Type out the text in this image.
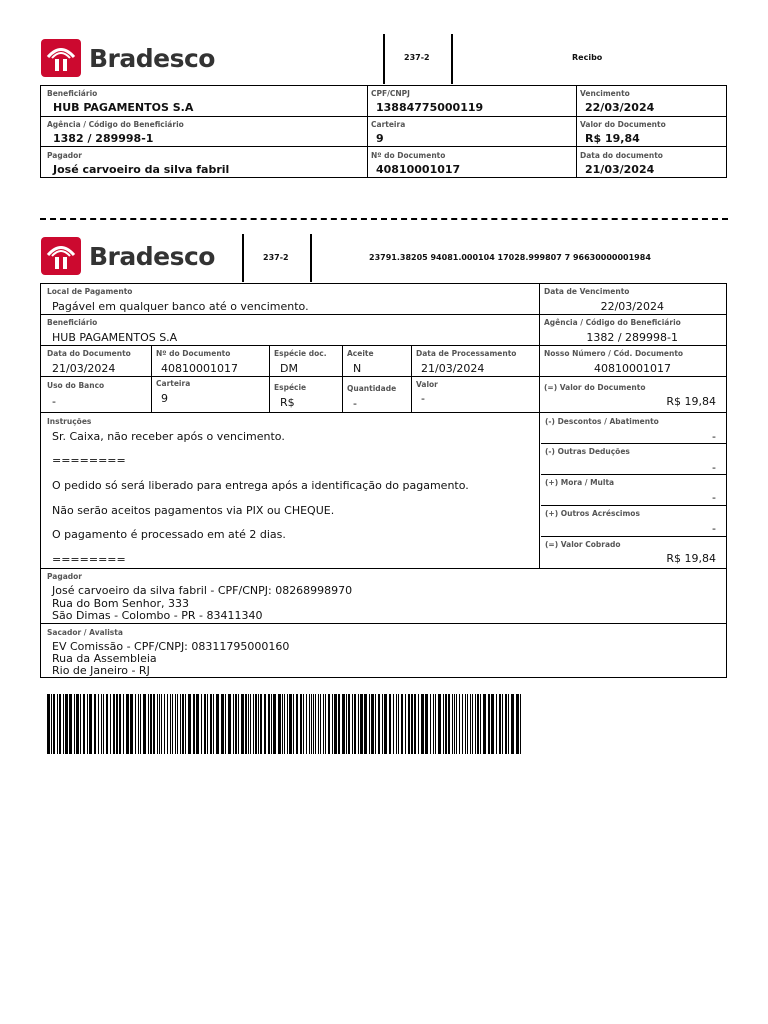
Bradesco	237-2	Recibo
Beneficiário
HUB PAGAMENTOS S.A
CPF/CNPJ
13884775000119
Vencimento
22/03/2024
Agência / Código do Beneficiário
1382 / 289998-1
Carteira
9
Valor do Documento
R$ 19,84
Pagador
José carvoeiro da silva fabril
Nº do Documento
40810001017
Data do documento
21/03/2024
Bradesco	237-2	23791.38205 94081.000104 17028.999807 7 96630000001984
Local de Pagamento
Pagável em qualquer banco até o vencimento.
Data de Vencimento
22/03/2024
Beneficiário
HUB PAGAMENTOS S.A
Agência / Código do Beneficiário
1382 / 289998-1
Data do Documento
21/03/2024
Nº do Documento
40810001017
Espécie doc.
DM
Aceite
N
Data de Processamento
21/03/2024
Nosso Número / Cód. Documento
40810001017
Uso do Banco
-
Carteira
9
Espécie
R$
Quantidade
-
Valor
-
(=) Valor do Documento
R$ 19,84
Instruções
Sr. Caixa, não receber após o vencimento.
========
O pedido só será liberado para entrega após a identificação do pagamento.
Não serão aceitos pagamentos via PIX ou CHEQUE.
O pagamento é processado em até 2 dias.
========
(-) Descontos / Abatimento
-
(-) Outras Deduções
-
(+) Mora / Multa
-
(+) Outros Acréscimos
-
(=) Valor Cobrado
R$ 19,84
Pagador
José carvoeiro da silva fabril - CPF/CNPJ: 08268998970
Rua do Bom Senhor, 333
São Dimas - Colombo - PR - 83411340
Sacador / Avalista
EV Comissão - CPF/CNPJ: 08311795000160
Rua da Assembleia
Rio de Janeiro - RJ
